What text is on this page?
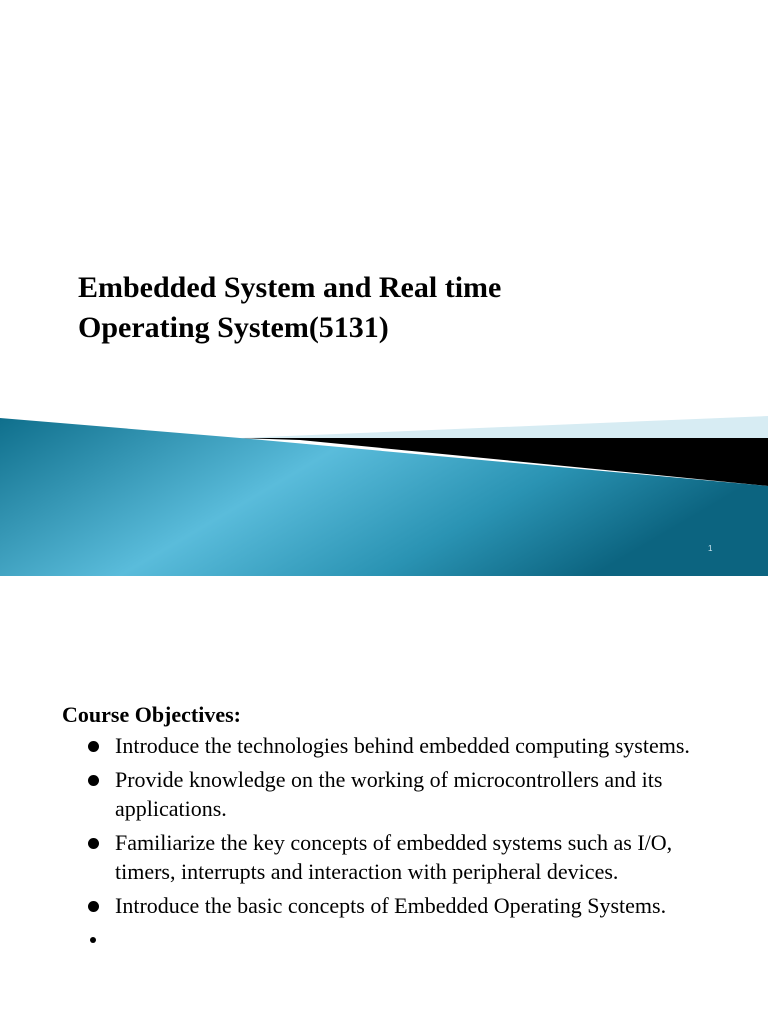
Embedded System and Real time
Operating System(5131)
1
Course Objectives:
Introduce the technologies behind embedded computing systems.
Provide knowledge on the working of microcontrollers and its applications.
Familiarize the key concepts of embedded systems such as I/O, timers, interrupts and interaction with peripheral devices.
Introduce the basic concepts of Embedded Operating Systems.
